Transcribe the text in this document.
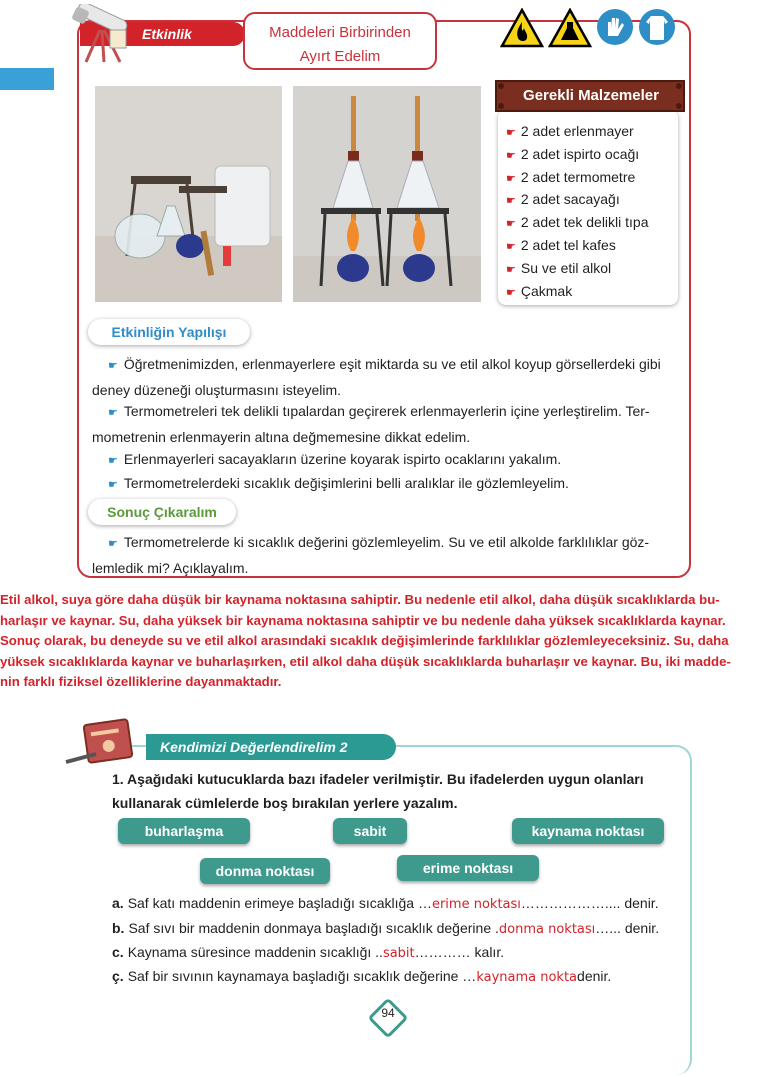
Etkinlik	Maddeleri Birbirinden
Ayırt Edelim
Gerekli Malzemeler
☛ 2 adet erlenmayer
☛ 2 adet ispirto ocağı
☛ 2 adet termometre
☛ 2 adet sacayağı
☛ 2 adet tek delikli tıpa
☛ 2 adet tel kafes
☛ Su ve etil alkol
☛ Çakmak
Etkinliğin Yapılışı
☛ Öğretmenimizden, erlenmayerlere eşit miktarda su ve etil alkol koyup görsellerdeki gibi
deney düzeneği oluşturmasını isteyelim.
☛ Termometreleri tek delikli tıpalardan geçirerek erlenmayerlerin içine yerleştirelim. Ter-
mometrenin erlenmayerin altına değmemesine dikkat edelim.
☛ Erlenmayerleri sacayakların üzerine koyarak ispirto ocaklarını yakalım.
☛ Termometrelerdeki sıcaklık değişimlerini belli aralıklar ile gözlemleyelim.
Sonuç Çıkaralım
☛ Termometrelerde ki sıcaklık değerini gözlemleyelim. Su ve etil alkolde farklılıklar göz-
lemledik mi? Açıklayalım.
Etil alkol, suya göre daha düşük bir kaynama noktasına sahiptir. Bu nedenle etil alkol, daha düşük sıcaklıklarda bu-
harlaşır ve kaynar. Su, daha yüksek bir kaynama noktasına sahiptir ve bu nedenle daha yüksek sıcaklıklarda kaynar.
Sonuç olarak, bu deneyde su ve etil alkol arasındaki sıcaklık değişimlerinde farklılıklar gözlemleyeceksiniz. Su, daha
yüksek sıcaklıklarda kaynar ve buharlaşırken, etil alkol daha düşük sıcaklıklarda buharlaşır ve kaynar. Bu, iki madde-
nin farklı fiziksel özelliklerine dayanmaktadır.
Kendimizi Değerlendirelim 2
1. Aşağıdaki kutucuklarda bazı ifadeler verilmiştir. Bu ifadelerden uygun olanları
kullanarak cümlelerde boş bırakılan yerlere yazalım.
buharlaşma	sabit	kaynama noktası
donma noktası	erime noktası
a. Saf katı maddenin erimeye başladığı sıcaklığa …erime noktası……………….... denir.
b. Saf sıvı bir maddenin donmaya başladığı sıcaklık değerine .donma noktası…... denir.
c. Kaynama süresince maddenin sıcaklığı ..sabit………… kalır.
ç. Saf bir sıvının kaynamaya başladığı sıcaklık değerine …kaynama noktadenir.
94
